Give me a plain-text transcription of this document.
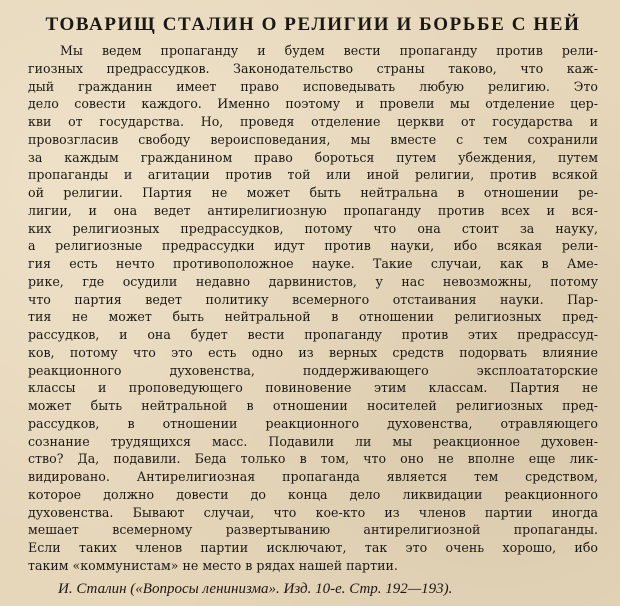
ТОВАРИЩ СТАЛИН О РЕЛИГИИ И БОРЬБЕ С НЕЙ
Мы ведем пропаганду и будем вести пропаганду против рели-
гиозных предрассудков. Законодательство страны таково, что каж-
дый гражданин имеет право исповедывать любую религию. Это
дело совести каждого. Именно поэтому и провели мы отделение цер-
кви от государства. Но, проведя отделение церкви от государства и
провозгласив свободу вероисповедания, мы вместе с тем сохранили
за каждым гражданином право бороться путем убеждения, путем
пропаганды и агитации против той или иной религии, против всякой
ой религии. Партия не может быть нейтральна в отношении ре-
лигии, и она ведет антирелигиозную пропаганду против всех и вся-
ких религиозных предрассудков, потому что она стоит за науку,
а религиозные предрассудки идут против науки, ибо всякая рели-
гия есть нечто противоположное науке. Такие случаи, как в Аме-
рике, где осудили недавно дарвинистов, у нас невозможны, потому
что партия ведет политику всемерного отстаивания науки. Пар-
тия не может быть нейтральной в отношении религиозных пред-
рассудков, и она будет вести пропаганду против этих предрассуд-
ков, потому что это есть одно из верных средств подорвать влияние
реакционного духовенства, поддерживающего эксплоататорские
классы и проповедующего повиновение этим классам. Партия не
может быть нейтральной в отношении носителей религиозных пред-
рассудков, в отношении реакционного духовенства, отравляющего
сознание трудящихся масс. Подавили ли мы реакционное духовен-
ство? Да, подавили. Беда только в том, что оно не вполне еще лик-
видировано. Антирелигиозная пропаганда является тем средством,
которое должно довести до конца дело ликвидации реакционного
духовенства. Бывают случаи, что кое-кто из членов партии иногда
мешает всемерному развертыванию антирелигиозной пропаганды.
Если таких членов партии исключают, так это очень хорошо, ибо
таким «коммунистам» не место в рядах нашей партии.
И. Сталин («Вопросы ленинизма». Изд. 10-е. Стр. 192—193).
